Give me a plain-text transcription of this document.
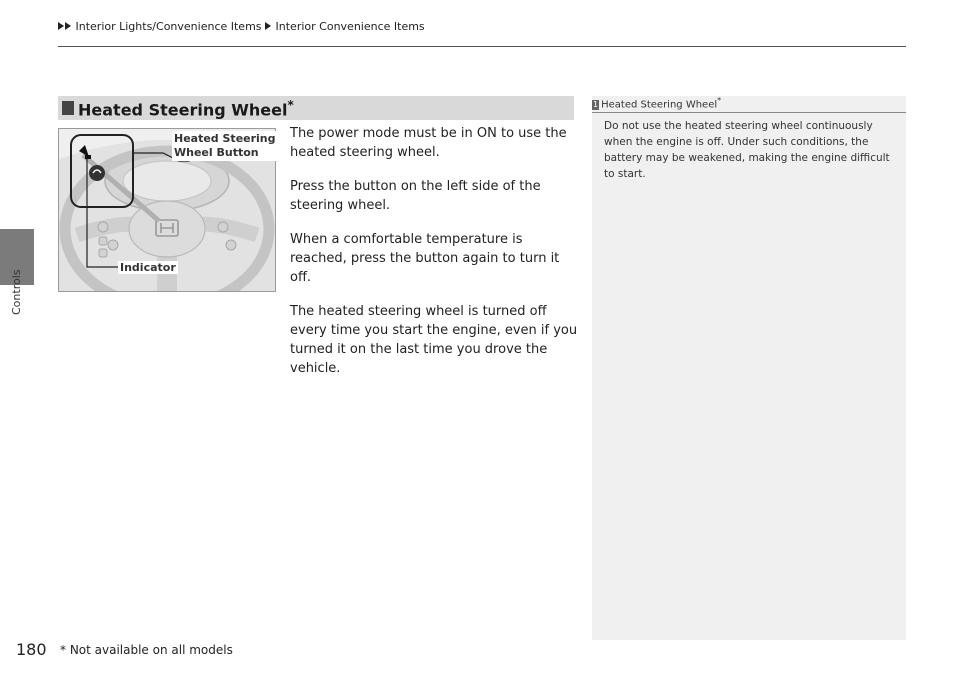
Interior Lights/Convenience Items Interior Convenience Items
Controls
Heated Steering Wheel*
Heated Steering
Wheel Button
Indicator

The power mode must be in ON to use the heated steering wheel.

Press the button on the left side of the steering wheel.

When a comfortable temperature is reached, press the button again to turn it off.

The heated steering wheel is turned off every time you start the engine, even if you turned it on the last time you drove the vehicle.

1 Heated Steering Wheel*
Do not use the heated steering wheel continuously when the engine is off. Under such conditions, the battery may be weakened, making the engine difficult to start.
180 * Not available on all models
